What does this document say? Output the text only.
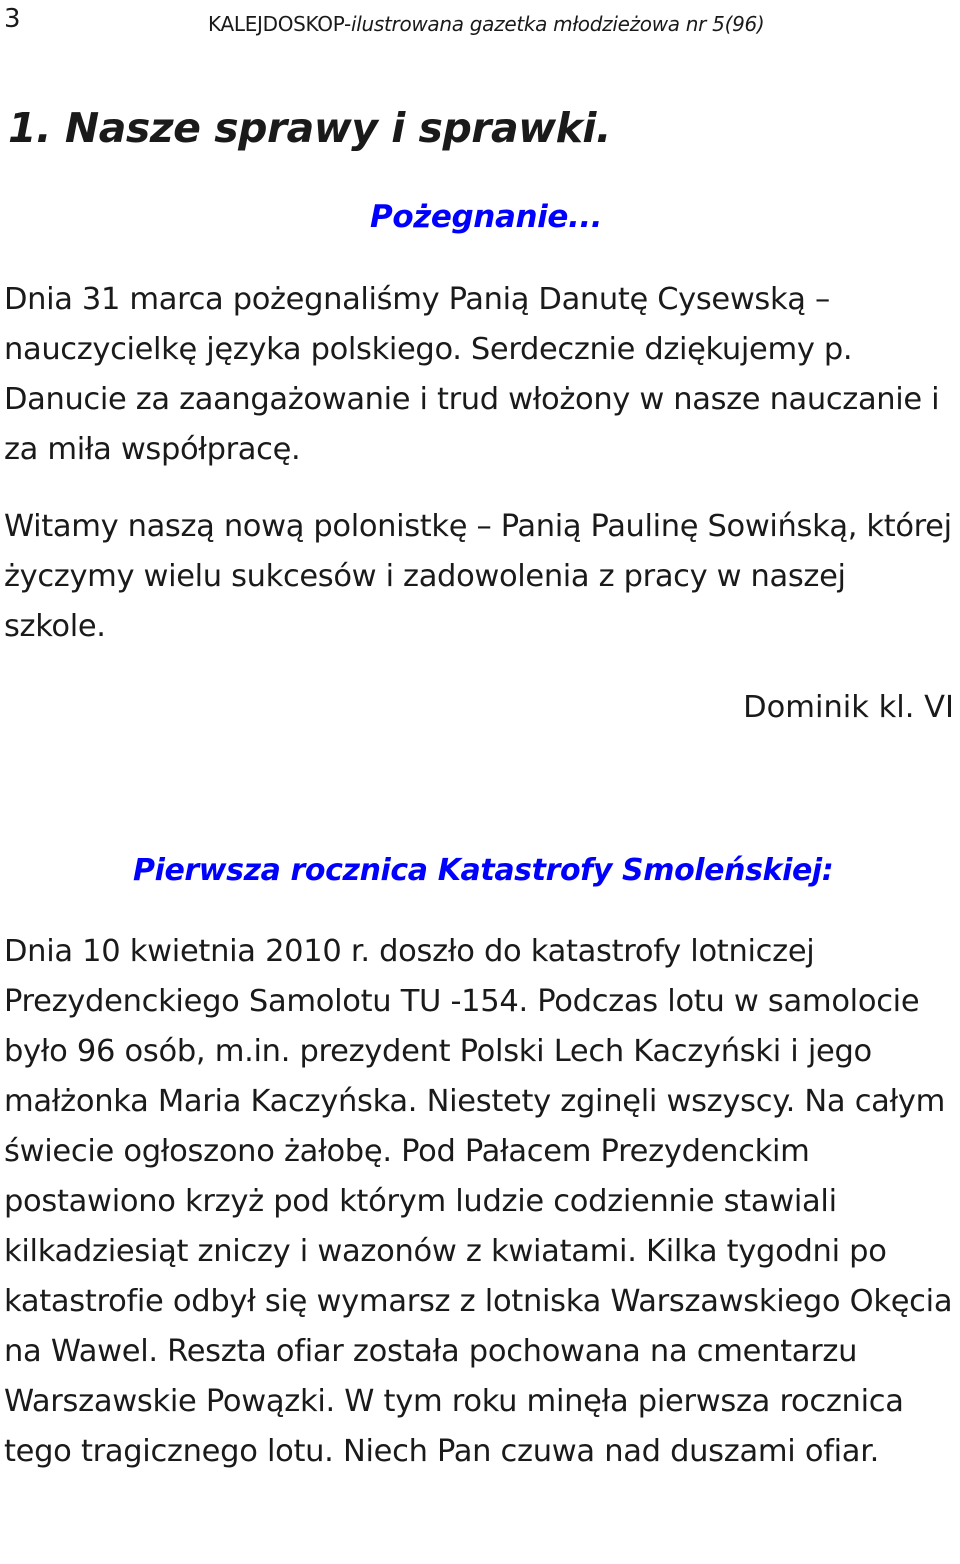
3	KALEJDOSKOP-ilustrowana gazetka młodzieżowa nr 5(96)
1. Nasze sprawy i sprawki.
Pożegnanie...

Dnia 31 marca pożegnaliśmy Panią Danutę Cysewską – nauczycielkę języka polskiego. Serdecznie dziękujemy p. Danucie za zaangażowanie i trud włożony w nasze nauczanie i za miła współpracę.

Witamy naszą nową polonistkę – Panią Paulinę Sowińską, której życzymy wielu sukcesów i zadowolenia z pracy w naszej szkole.

Dominik kl. VI

Pierwsza rocznica Katastrofy Smoleńskiej:

Dnia 10 kwietnia 2010 r. doszło do katastrofy lotniczej Prezydenckiego Samolotu TU -154. Podczas lotu w samolocie było 96 osób, m.in. prezydent Polski Lech Kaczyński i jego małżonka Maria Kaczyńska. Niestety zginęli wszyscy. Na całym świecie ogłoszono żałobę. Pod Pałacem Prezydenckim postawiono krzyż pod którym ludzie codziennie stawiali kilkadziesiąt zniczy i wazonów z kwiatami. Kilka tygodni po katastrofie odbył się wymarsz z lotniska Warszawskiego Okęcia na Wawel. Reszta ofiar została pochowana na cmentarzu Warszawskie Powązki. W tym roku minęła pierwsza rocznica tego tragicznego lotu. Niech Pan czuwa nad duszami ofiar.
